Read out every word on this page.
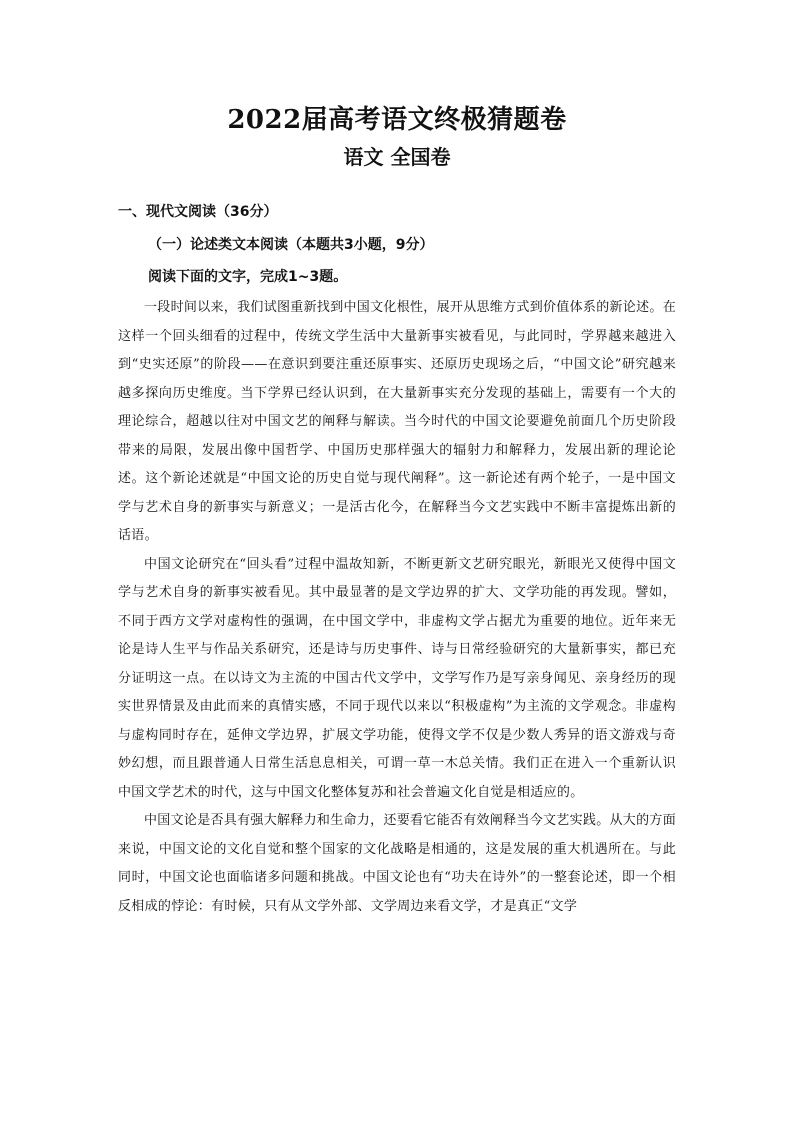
2022届高考语文终极猜题卷
语文 全国卷
一、现代文阅读（36分）
（一）论述类文本阅读（本题共3小题，9分）
阅读下面的文字，完成1~3题。

一段时间以来，我们试图重新找到中国文化根性，展开从思维方式到价值体系的新论述。在这样一个回头细看的过程中，传统文学生活中大量新事实被看见，与此同时，学界越来越进入到“史实还原”的阶段——在意识到要注重还原事实、还原历史现场之后，“中国文论”研究越来越多探向历史维度。当下学界已经认识到，在大量新事实充分发现的基础上，需要有一个大的理论综合，超越以往对中国文艺的阐释与解读。当今时代的中国文论要避免前面几个历史阶段带来的局限，发展出像中国哲学、中国历史那样强大的辐射力和解释力，发展出新的理论论述。这个新论述就是“中国文论的历史自觉与现代阐释”。这一新论述有两个轮子，一是中国文学与艺术自身的新事实与新意义；一是活古化今，在解释当今文艺实践中不断丰富提炼出新的话语。

中国文论研究在“回头看”过程中温故知新，不断更新文艺研究眼光，新眼光又使得中国文学与艺术自身的新事实被看见。其中最显著的是文学边界的扩大、文学功能的再发现。譬如，不同于西方文学对虚构性的强调，在中国文学中，非虚构文学占据尤为重要的地位。近年来无论是诗人生平与作品关系研究，还是诗与历史事件、诗与日常经验研究的大量新事实，都已充分证明这一点。在以诗文为主流的中国古代文学中，文学写作乃是写亲身闻见、亲身经历的现实世界情景及由此而来的真情实感，不同于现代以来以“积极虚构”为主流的文学观念。非虚构与虚构同时存在，延伸文学边界，扩展文学功能，使得文学不仅是少数人秀异的语文游戏与奇妙幻想，而且跟普通人日常生活息息相关，可谓一草一木总关情。我们正在进入一个重新认识中国文学艺术的时代，这与中国文化整体复苏和社会普遍文化自觉是相适应的。

中国文论是否具有强大解释力和生命力，还要看它能否有效阐释当今文艺实践。从大的方面来说，中国文论的文化自觉和整个国家的文化战略是相通的，这是发展的重大机遇所在。与此同时，中国文论也面临诸多问题和挑战。中国文论也有“功夫在诗外”的一整套论述，即一个相反相成的悖论：有时候，只有从文学外部、文学周边来看文学，才是真正“文学
